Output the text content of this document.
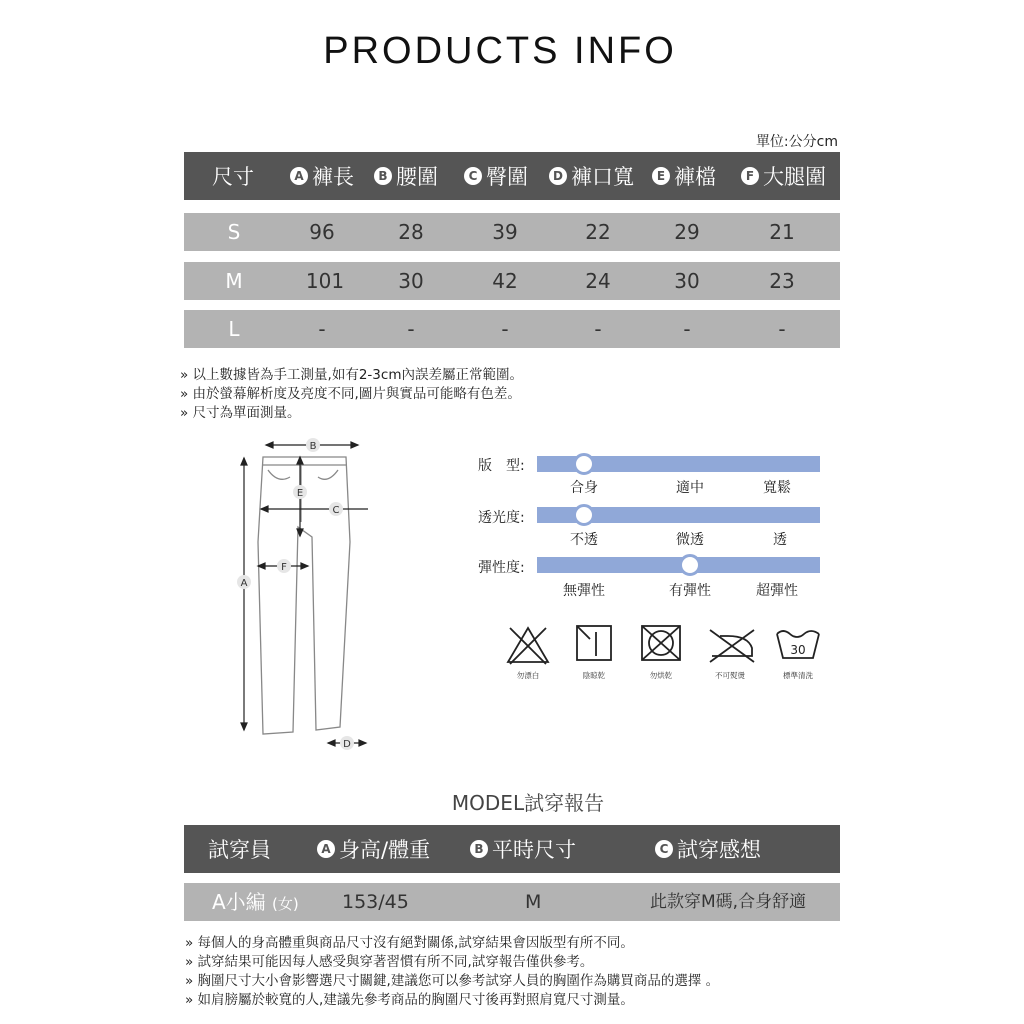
PRODUCTS INFO
單位:公分cm
尺寸	A 褲長	B 腰圍	C 臀圍	D 褲口寬	E 褲檔	F 大腿圍
S	96	28	39	22	29	21
M	101	30	42	24	30	23
L	-	-	-	-	-	-
» 以上數據皆為手工測量,如有2-3cm內誤差屬正常範圍。
» 由於螢幕解析度及亮度不同,圖片與實品可能略有色差。
» 尺寸為單面測量。
B
E
C
F
A
D
版　型:
合身	適中	寬鬆
透光度:
不透	微透	透
彈性度:
無彈性	有彈性	超彈性
30
勿漂白	陰晾乾	勿烘乾	不可熨燙	標準清洗
MODEL試穿報告
試穿員	A 身高/體重	B 平時尺寸	C 試穿感想
A小編 (女) 153/45	M	此款穿M碼,合身舒適
» 每個人的身高體重與商品尺寸沒有絕對關係,試穿結果會因版型有所不同。
» 試穿結果可能因每人感受與穿著習慣有所不同,試穿報告僅供參考。
» 胸圍尺寸大小會影響選尺寸關鍵,建議您可以參考試穿人員的胸圍作為購買商品的選擇 。
» 如肩膀屬於較寬的人,建議先參考商品的胸圍尺寸後再對照肩寬尺寸測量。
